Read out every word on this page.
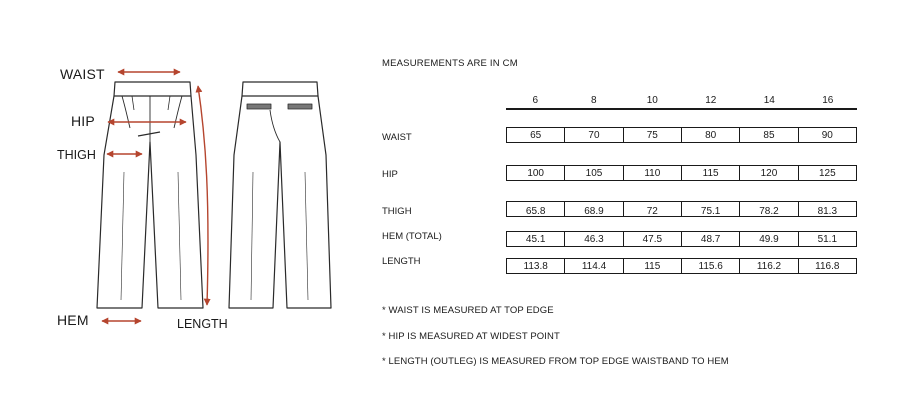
WAIST
HIP
THIGH
HEM	LENGTH
MEASUREMENTS ARE IN CM
6	8	10	12	14	16
WAIST	65	70	75	80	85	90
HIP	100	105	110	115	120	125
THIGH	65.8	68.9	72	75.1	78.2	81.3
HEM (TOTAL)	45.1	46.3	47.5	48.7	49.9	51.1
LENGTH	113.8	114.4	115	115.6	116.2	116.8
* WAIST IS MEASURED AT TOP EDGE
* HIP IS MEASURED AT WIDEST POINT
* LENGTH (OUTLEG) IS MEASURED FROM TOP EDGE WAISTBAND TO HEM
